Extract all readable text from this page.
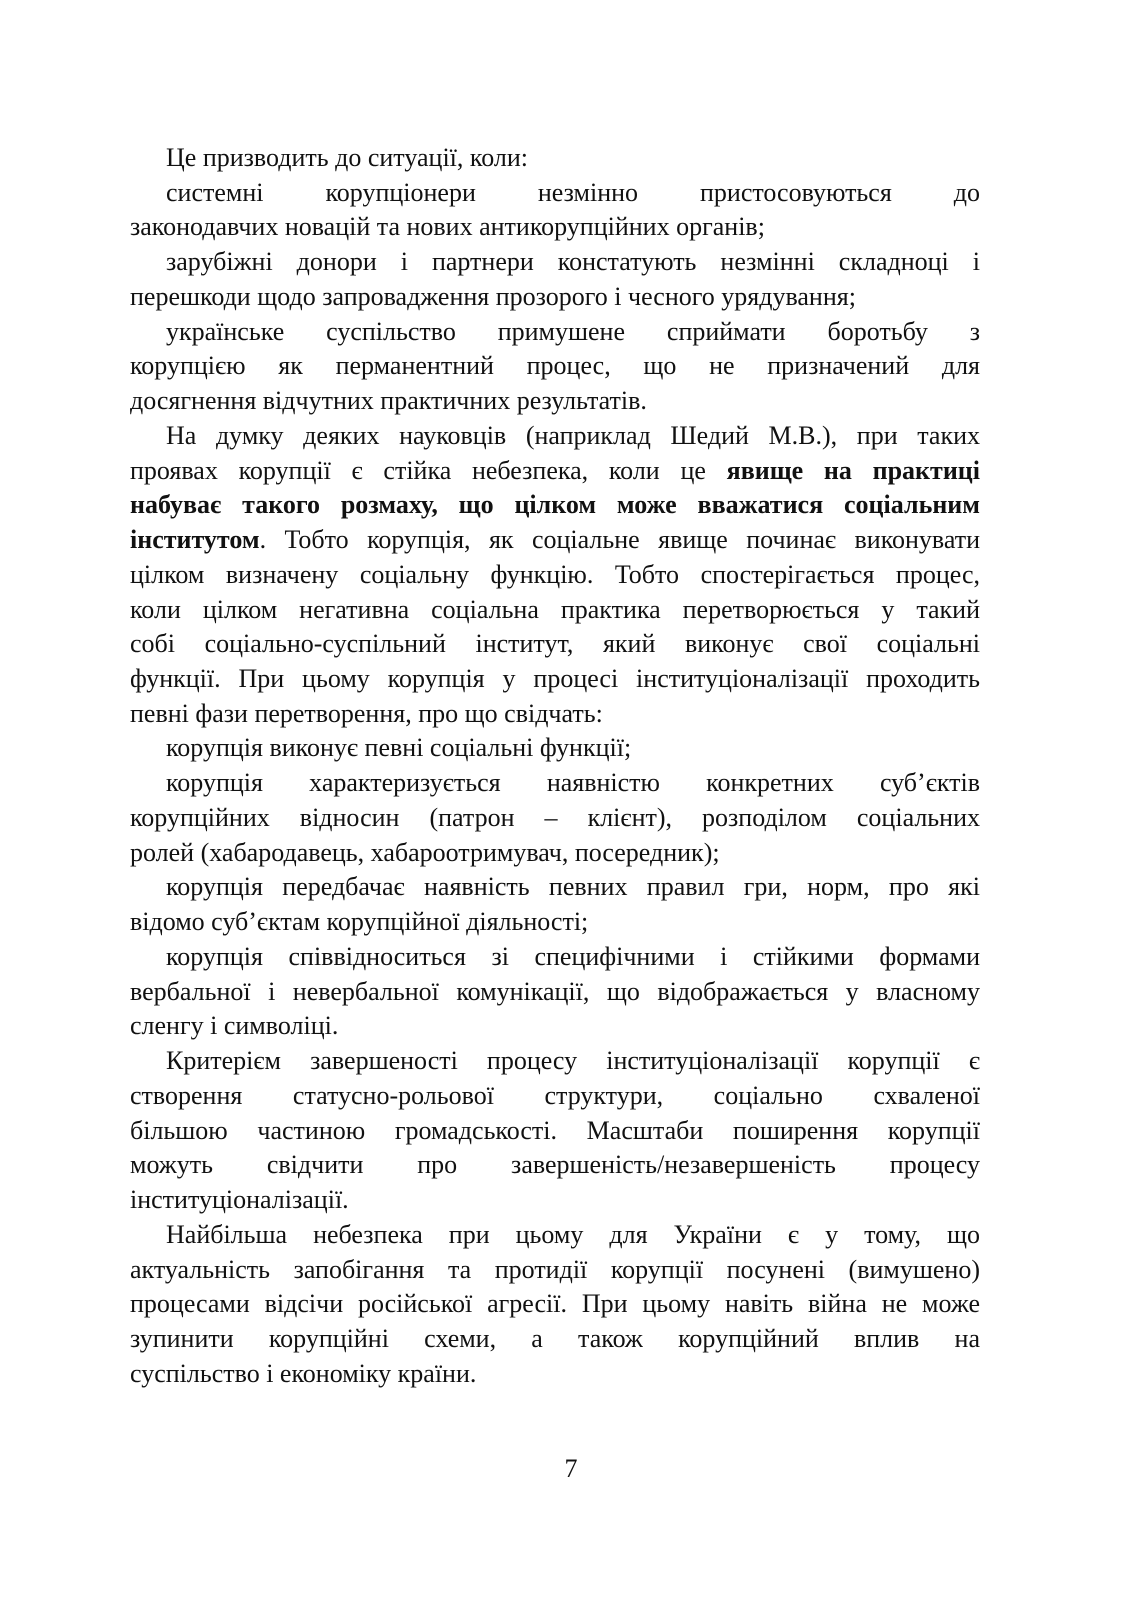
Це призводить до ситуації, коли:
системні корупціонери незмінно пристосовуються до
законодавчих новацій та нових антикорупційних органів;
зарубіжні донори і партнери констатують незмінні складноці і
перешкоди щодо запровадження прозорого і чесного урядування;
українське суспільство примушене сприймати боротьбу з
корупцією як перманентний процес, що не призначений для
досягнення відчутних практичних результатів.
На думку деяких науковців (наприклад Шедий М.В.), при таких
проявах корупції є стійка небезпека, коли це явище на практиці
набуває такого розмаху, що цілком може вважатися соціальним
інститутом. Тобто корупція, як соціальне явище починає виконувати
цілком визначену соціальну функцію. Тобто спостерігається процес,
коли цілком негативна соціальна практика перетворюється у такий
собі соціально-суспільний інститут, який виконує свої соціальні
функції. При цьому корупція у процесі інституціоналізації проходить
певні фази перетворення, про що свідчать:
корупція виконує певні соціальні функції;
корупція характеризується наявністю конкретних суб’єктів
корупційних відносин (патрон – клієнт), розподілом соціальних
ролей (хабародавець, хабароотримувач, посередник);
корупція передбачає наявність певних правил гри, норм, про які
відомо суб’єктам корупційної діяльності;
корупція співвідноситься зі специфічними і стійкими формами
вербальної і невербальної комунікації, що відображається у власному
сленгу і символіці.
Критерієм завершеності процесу інституціоналізації корупції є
створення статусно-рольової структури, соціально схваленої
більшою частиною громадськості. Масштаби поширення корупції
можуть свідчити про завершеність/незавершеність процесу
інституціоналізації.
Найбільша небезпека при цьому для України є у тому, що
актуальність запобігання та протидії корупції посунені (вимушено)
процесами відсічи російської агресії. При цьому навіть війна не може
зупинити корупційні схеми, а також корупційний вплив на
суспільство і економіку країни.
7
